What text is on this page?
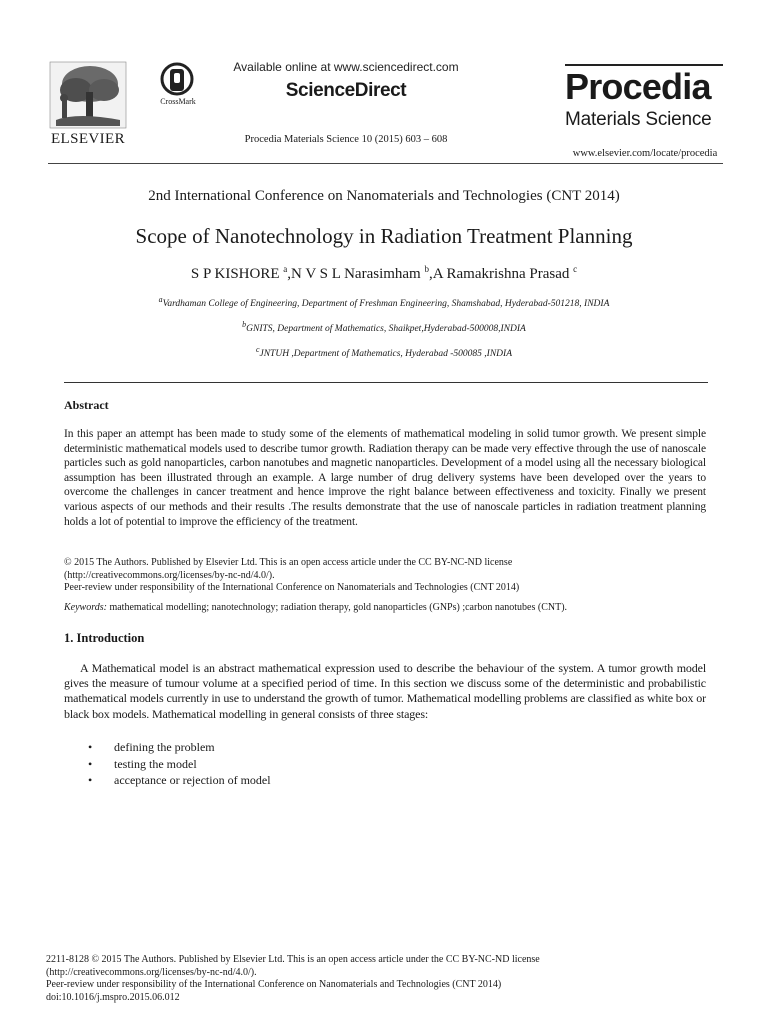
ELSEVIER
CrossMark
Available online at www.sciencedirect.com
ScienceDirect
Procedia Materials Science 10 (2015) 603 – 608
Procedia
Materials Science
www.elsevier.com/locate/procedia
2nd International Conference on Nanomaterials and Technologies (CNT 2014)
Scope of Nanotechnology in Radiation Treatment Planning
S P KISHORE $^a$,N V S L Narasimham $^b$,A Ramakrishna Prasad $^c$
$^a$Vardhaman College of Engineering, Department of Freshman Engineering, Shamshabad, Hyderabad-501218, INDIA
$^b$GNITS, Department of Mathematics, Shaikpet,Hyderabad-500008,INDIA
$^c$JNTUH ,Department of Mathematics, Hyderabad -500085 ,INDIA
Abstract
In this paper an attempt has been made to study some of the elements of mathematical modeling in solid tumor growth. We present simple deterministic mathematical models used to describe tumor growth. Radiation therapy can be made very effective through the use of nanoscale particles such as gold nanoparticles, carbon nanotubes and magnetic nanoparticles. Development of a model using all the necessary biological assumption has been illustrated through an example. A large number of drug delivery systems have been developed over the years to overcome the challenges in cancer treatment and hence improve the right balance between effectiveness and toxicity. Finally we present various aspects of our methods and their results .The results demonstrate that the use of nanoscale particles in radiation treatment planning holds a lot of potential to improve the efficiency of the treatment.
© 2015 The Authors. Published by Elsevier Ltd. This is an open access article under the CC BY-NC-ND license
(http://creativecommons.org/licenses/by-nc-nd/4.0/).
Peer-review under responsibility of the International Conference on Nanomaterials and Technologies (CNT 2014)
Keywords: mathematical modelling; nanotechnology; radiation therapy, gold nanoparticles (GNPs) ;carbon nanotubes (CNT).
1. Introduction
A Mathematical model is an abstract mathematical expression used to describe the behaviour of the system. A tumor growth model gives the measure of tumour volume at a specified period of time. In this section we discuss some of the deterministic and probabilistic mathematical models currently in use to understand the growth of tumor. Mathematical modelling problems are classified as white box or black box models. Mathematical modelling in general consists of three stages:
• defining the problem
• testing the model
• acceptance or rejection of model
2211-8128 © 2015 The Authors. Published by Elsevier Ltd. This is an open access article under the CC BY-NC-ND license
(http://creativecommons.org/licenses/by-nc-nd/4.0/).
Peer-review under responsibility of the International Conference on Nanomaterials and Technologies (CNT 2014)
doi:10.1016/j.mspro.2015.06.012
